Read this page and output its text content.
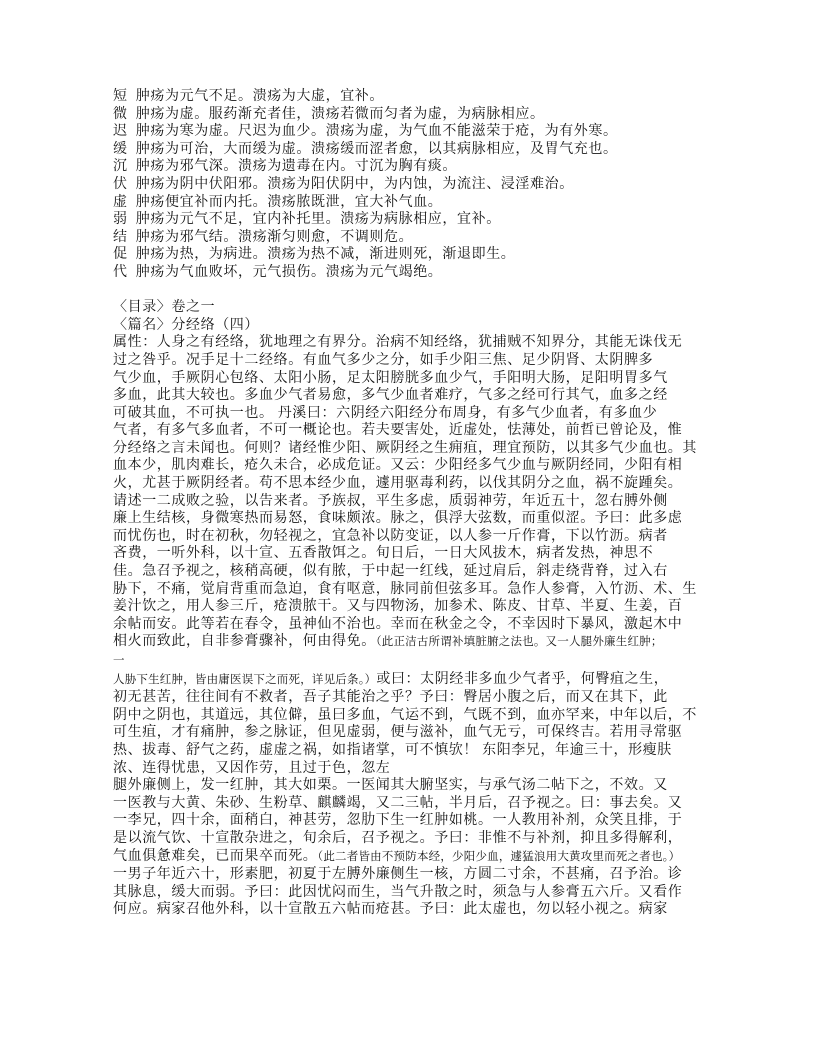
短  肿疡为元气不足。溃疡为大虚，宜补。
微  肿疡为虚。服药渐充者佳，溃疡若微而匀者为虚，为病脉相应。
迟  肿疡为寒为虚。尺迟为血少。溃疡为虚，为气血不能滋荣于疮，为有外寒。
缓  肿疡为可治，大而缓为虚。溃疡缓而涩者愈，以其病脉相应，及胃气充也。
沉  肿疡为邪气深。溃疡为遗毒在内。寸沉为胸有痰。
伏  肿疡为阴中伏阳邪。溃疡为阳伏阴中，为内蚀，为流注、浸淫难治。
虚  肿疡便宜补而内托。溃疡脓既泄，宜大补气血。
弱  肿疡为元气不足，宜内补托里。溃疡为病脉相应，宜补。
结  肿疡为邪气结。溃疡渐匀则愈，不调则危。
促  肿疡为热，为病进。溃疡为热不减，渐进则死，渐退即生。
代  肿疡为气血败坏，元气损伤。溃疡为元气竭绝。
〈目录〉卷之一
〈篇名〉分经络（四）
属性：人身之有经络，犹地理之有界分。治病不知经络，犹捕贼不知界分，其能无诛伐无
过之咎乎。况手足十二经络。有血气多少之分，如手少阳三焦、足少阴肾、太阴脾多
气少血，手厥阴心包络、太阳小肠，足太阳膀胱多血少气，手阳明大肠，足阳明胃多气
多血，此其大较也。多血少气者易愈，多气少血者难疗，气多之经可行其气，血多之经
可破其血，不可执一也。 丹溪曰：六阴经六阳经分布周身，有多气少血者，有多血少
气者，有多气多血者，不可一概论也。若夫要害处，近虚处，怯薄处，前哲已曾论及，惟
分经络之言未闻也。何则？诸经惟少阳、厥阴经之生痈疽，理宜预防，以其多气少血也。其
血本少，肌肉难长，疮久未合，必成危证。又云：少阳经多气少血与厥阴经同，少阳有相
火，尤甚于厥阴经者。苟不思本经少血，遽用驱毒利药，以伐其阴分之血，祸不旋踵矣。
请述一二成败之验，以告来者。予族叔，平生多虑，质弱神劳，年近五十，忽右膊外侧
廉上生结核，身微寒热而易怒，食味颇浓。脉之，俱浮大弦数，而重似涩。予曰：此多虑
而忧伤也，时在初秋，勿轻视之，宜急补以防变证，以人参一斤作膏，下以竹沥。病者
吝费，一听外科，以十宣、五香散饵之。旬日后，一日大风拔木，病者发热，神思不
佳。急召予视之，核稍高硬，似有脓，于中起一红线，延过肩后，斜走绕背脊，过入右
胁下，不痛，觉肩背重而急迫，食有呕意，脉同前但弦多耳。急作人参膏，入竹沥、术、生
姜汁饮之，用人参三斤，疮溃脓干。又与四物汤，加参术、陈皮、甘草、半夏、生姜，百
余帖而安。此等若在春令，虽神仙不治也。幸而在秋金之令，不幸因时下暴风，激起木中
相火而致此，自非参膏骤补，何由得免。（此正洁古所谓补填脏腑之法也。又一人腿外廉生红肿；
一
人胁下生红肿，皆由庸医误下之而死，详见后条。）或曰：太阴经非多血少气者乎，何臀疽之生，
初无甚苦，往往间有不救者，吾子其能治之乎？予曰：臀居小腹之后，而又在其下，此
阴中之阴也，其道远，其位僻，虽曰多血，气运不到，气既不到，血亦罕来，中年以后，不
可生疽，才有痛肿，参之脉证，但见虚弱，便与滋补，血气无亏，可保终吉。若用寻常驱
热、拔毒、舒气之药，虚虚之祸，如指诸掌，可不慎欤！ 东阳李兄，年逾三十，形瘦肤
浓、连得忧患，又因作劳，且过于色，忽左
腿外廉侧上，发一红肿，其大如栗。一医闻其大腑坚实，与承气汤二帖下之，不效。又
一医教与大黄、朱砂、生粉草、麒麟竭，又二三帖，半月后，召予视之。曰：事去矣。又
一李兄，四十余，面稍白，神甚劳，忽肋下生一红肿如桃。一人教用补剂，众笑且排，于
是以流气饮、十宣散杂进之，旬余后，召予视之。予曰：非惟不与补剂，抑且多得解利，
气血俱惫难矣，已而果卒而死。（此二者皆由不预防本经，少阳少血，遽猛浪用大黄攻里而死之者也。）
一男子年近六十，形素肥，初夏于左膊外廉侧生一核，方圆二寸余，不甚痛，召予治。诊
其脉息，缓大而弱。予曰：此因忧闷而生，当气升散之时，须急与人参膏五六斤。又看作
何应。病家召他外科，以十宣散五六帖而疮甚。予曰：此太虚也，勿以轻小视之。病家
